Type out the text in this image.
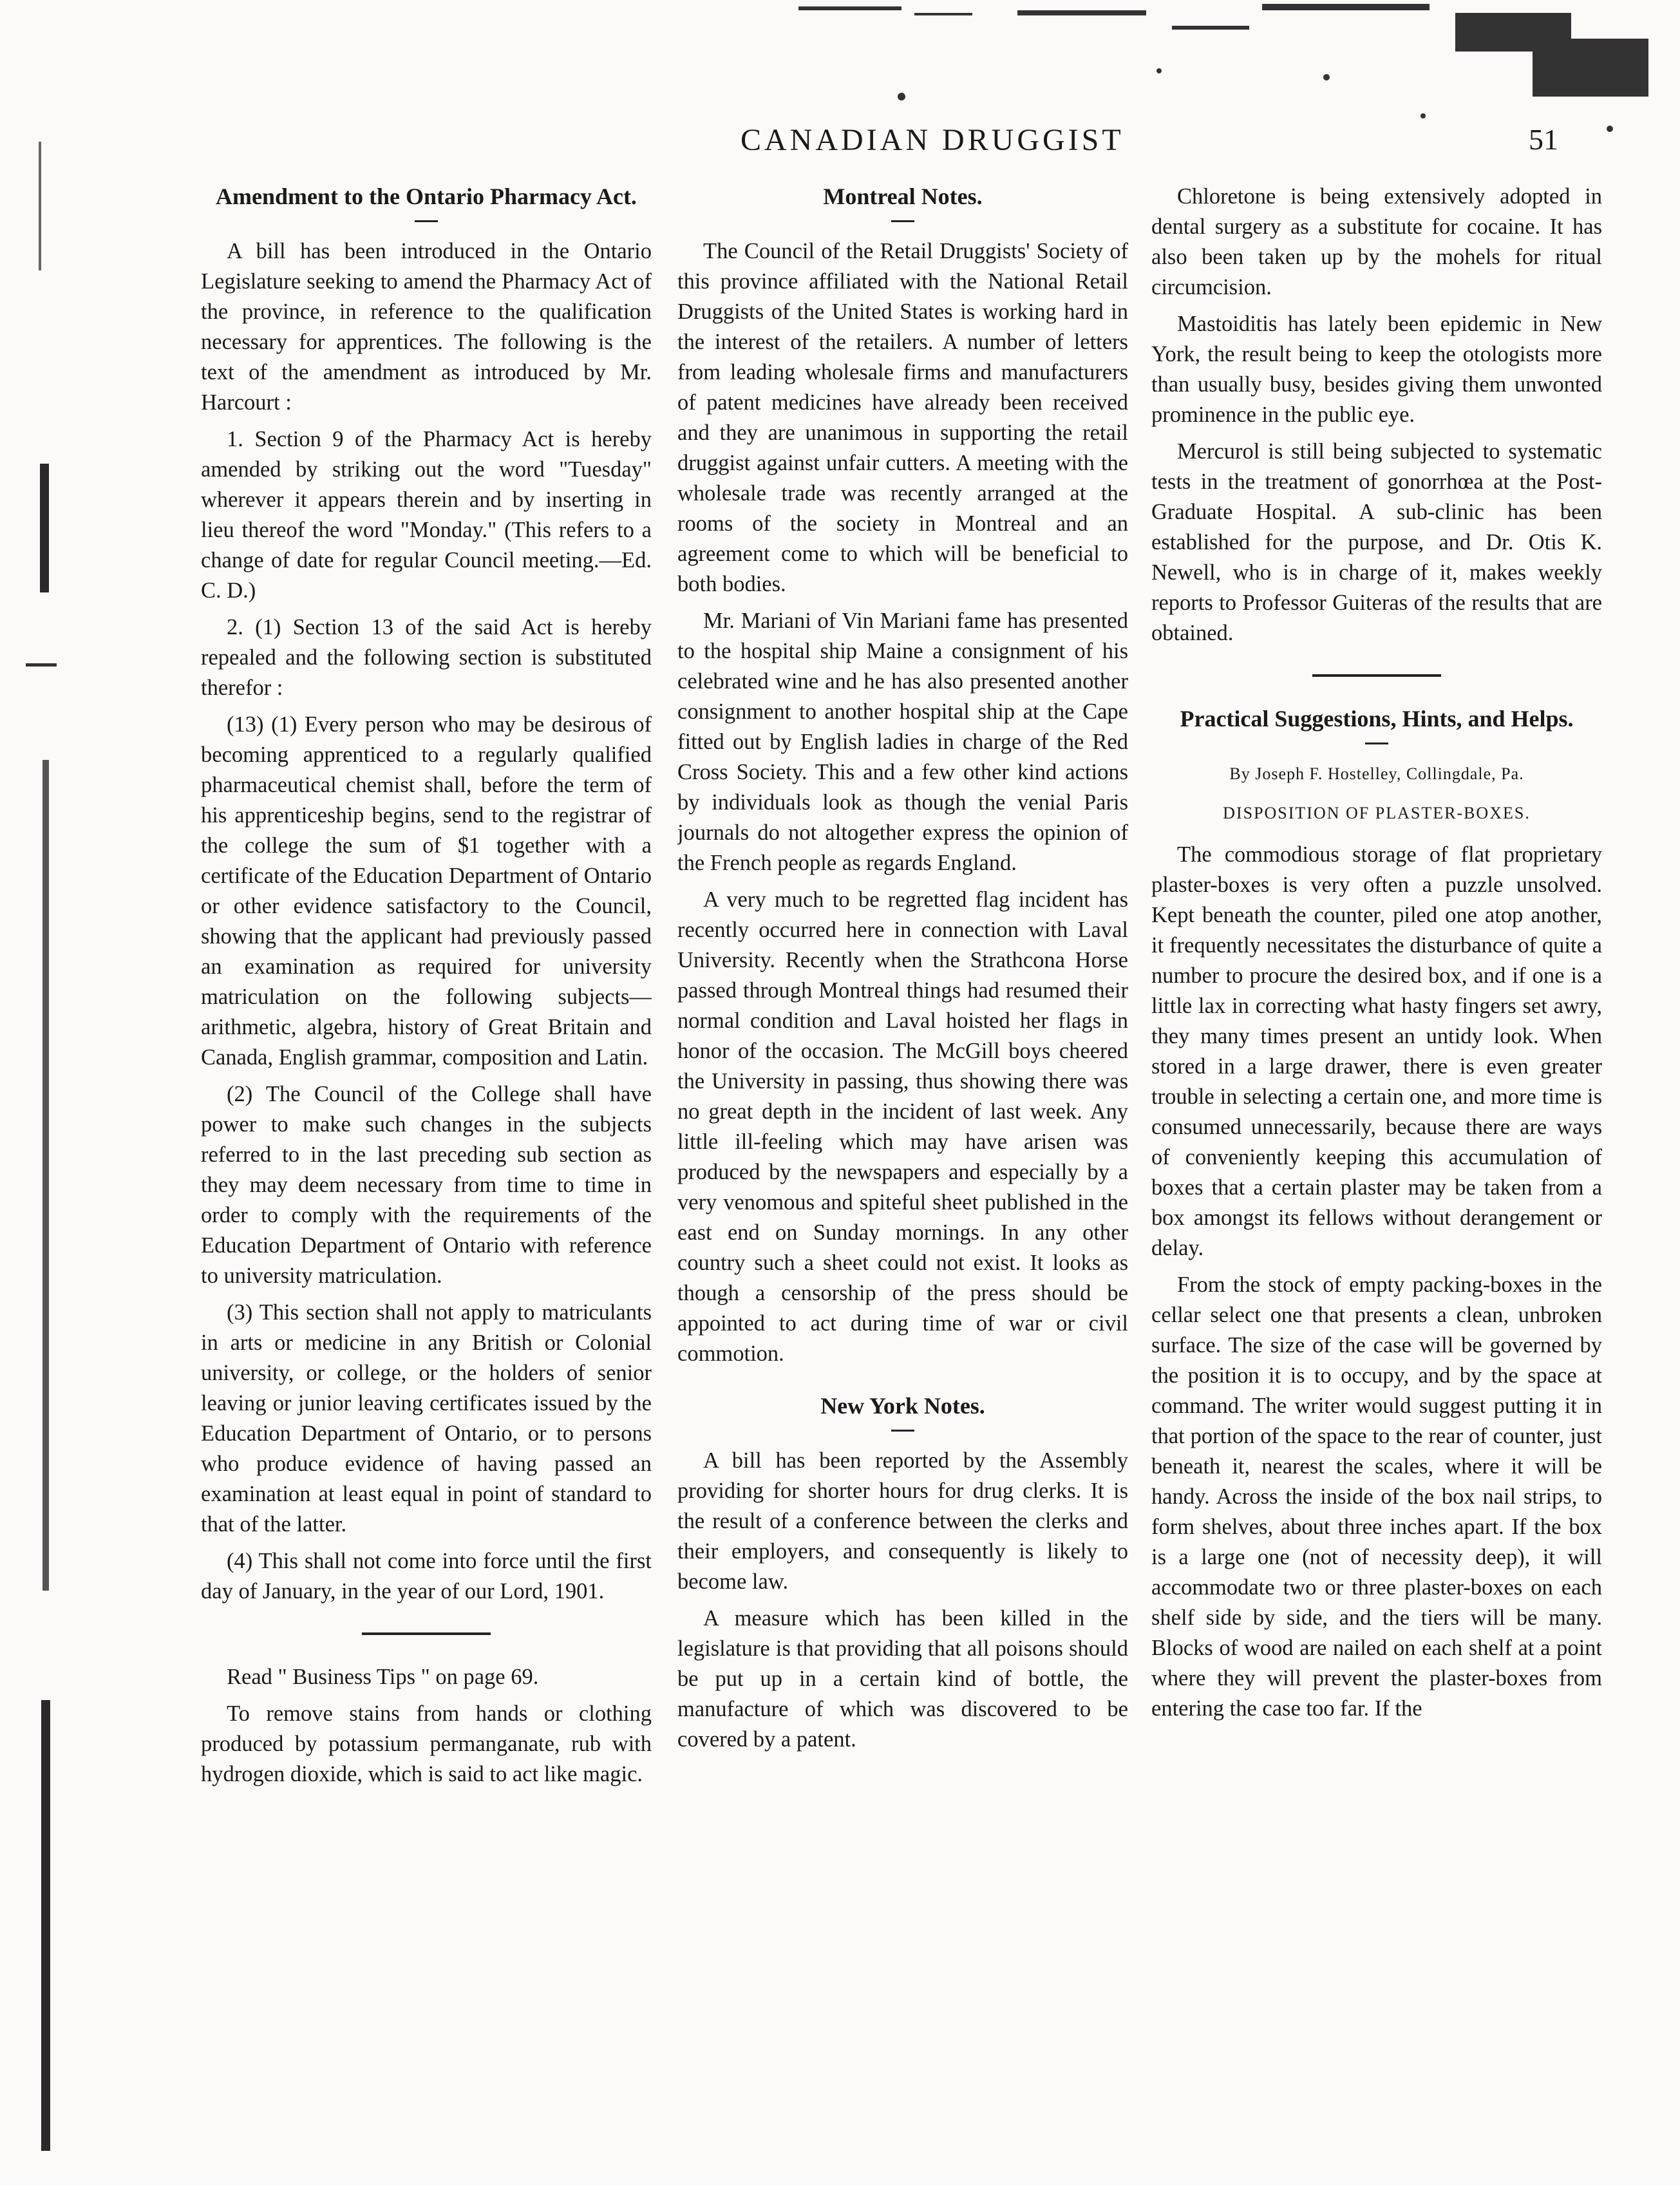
CANADIAN DRUGGIST	51
Amendment to the Ontario Pharmacy Act.

A bill has been introduced in the Ontario Legislature seeking to amend the Pharmacy Act of the province, in reference to the qualification necessary for apprentices. The following is the text of the amendment as introduced by Mr. Harcourt :

1. Section 9 of the Pharmacy Act is hereby amended by striking out the word "Tuesday" wherever it appears therein and by inserting in lieu thereof the word "Monday." (This refers to a change of date for regular Council meeting.—Ed. C. D.)

2. (1) Section 13 of the said Act is hereby repealed and the following section is substituted therefor :

(13) (1) Every person who may be desirous of becoming apprenticed to a regularly qualified pharmaceutical chemist shall, before the term of his apprenticeship begins, send to the registrar of the college the sum of $1 together with a certificate of the Education Department of Ontario or other evidence satisfactory to the Council, showing that the applicant had previously passed an examination as required for university matriculation on the following subjects—arithmetic, algebra, history of Great Britain and Canada, English grammar, composition and Latin.

(2) The Council of the College shall have power to make such changes in the subjects referred to in the last preceding sub section as they may deem necessary from time to time in order to comply with the requirements of the Education Department of Ontario with reference to university matriculation.

(3) This section shall not apply to matriculants in arts or medicine in any British or Colonial university, or college, or the holders of senior leaving or junior leaving certificates issued by the Education Department of Ontario, or to persons who produce evidence of having passed an examination at least equal in point of standard to that of the latter.

(4) This shall not come into force until the first day of January, in the year of our Lord, 1901.

Read " Business Tips " on page 69.

To remove stains from hands or clothing produced by potassium permanganate, rub with hydrogen dioxide, which is said to act like magic.

Montreal Notes.

The Council of the Retail Druggists' Society of this province affiliated with the National Retail Druggists of the United States is working hard in the interest of the retailers. A number of letters from leading wholesale firms and manufacturers of patent medicines have already been received and they are unanimous in supporting the retail druggist against unfair cutters. A meeting with the wholesale trade was recently arranged at the rooms of the society in Montreal and an agreement come to which will be beneficial to both bodies.

Mr. Mariani of Vin Mariani fame has presented to the hospital ship Maine a consignment of his celebrated wine and he has also presented another consignment to another hospital ship at the Cape fitted out by English ladies in charge of the Red Cross Society. This and a few other kind actions by individuals look as though the venial Paris journals do not altogether express the opinion of the French people as regards England.

A very much to be regretted flag incident has recently occurred here in connection with Laval University. Recently when the Strathcona Horse passed through Montreal things had resumed their normal condition and Laval hoisted her flags in honor of the occasion. The McGill boys cheered the University in passing, thus showing there was no great depth in the incident of last week. Any little ill-feeling which may have arisen was produced by the newspapers and especially by a very venomous and spiteful sheet published in the east end on Sunday mornings. In any other country such a sheet could not exist. It looks as though a censorship of the press should be appointed to act during time of war or civil commotion.

New York Notes.

A bill has been reported by the Assembly providing for shorter hours for drug clerks. It is the result of a conference between the clerks and their employers, and consequently is likely to become law.

A measure which has been killed in the legislature is that providing that all poisons should be put up in a certain kind of bottle, the manufacture of which was discovered to be covered by a patent.

Chloretone is being extensively adopted in dental surgery as a substitute for cocaine. It has also been taken up by the mohels for ritual circumcision.

Mastoiditis has lately been epidemic in New York, the result being to keep the otologists more than usually busy, besides giving them unwonted prominence in the public eye.

Mercurol is still being subjected to systematic tests in the treatment of gonorrhœa at the Post-Graduate Hospital. A sub-clinic has been established for the purpose, and Dr. Otis K. Newell, who is in charge of it, makes weekly reports to Professor Guiteras of the results that are obtained.

Practical Suggestions, Hints, and Helps.
By Joseph F. Hostelley, Collingdale, Pa.
DISPOSITION OF PLASTER-BOXES.

The commodious storage of flat proprietary plaster-boxes is very often a puzzle unsolved. Kept beneath the counter, piled one atop another, it frequently necessitates the disturbance of quite a number to procure the desired box, and if one is a little lax in correcting what hasty fingers set awry, they many times present an untidy look. When stored in a large drawer, there is even greater trouble in selecting a certain one, and more time is consumed unnecessarily, because there are ways of conveniently keeping this accumulation of boxes that a certain plaster may be taken from a box amongst its fellows without derangement or delay.

From the stock of empty packing-boxes in the cellar select one that presents a clean, unbroken surface. The size of the case will be governed by the position it is to occupy, and by the space at command. The writer would suggest putting it in that portion of the space to the rear of counter, just beneath it, nearest the scales, where it will be handy. Across the inside of the box nail strips, to form shelves, about three inches apart. If the box is a large one (not of necessity deep), it will accommodate two or three plaster-boxes on each shelf side by side, and the tiers will be many. Blocks of wood are nailed on each shelf at a point where they will prevent the plaster-boxes from entering the case too far. If the
